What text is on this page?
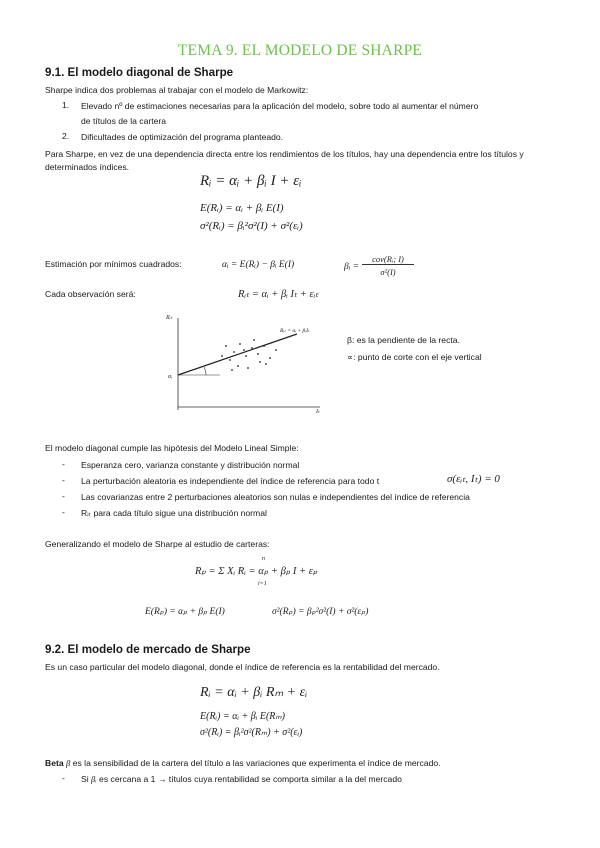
TEMA 9. EL MODELO DE SHARPE
9.1. El modelo diagonal de Sharpe
Sharpe indica dos problemas al trabajar con el modelo de Markowitz:
1. Elevado nº de estimaciones necesarias para la aplicación del modelo, sobre todo al aumentar el número
de títulos de la cartera
2. Dificultades de optimización del programa planteado.
Para Sharpe, en vez de una dependencia directa entre los rendimientos de los títulos, hay una dependencia entre los títulos y determinados índices.
Rᵢ = αᵢ + βᵢ I + εᵢ
E(Rᵢ) = αᵢ + βᵢ E(I)
σ²(Rᵢ) = βᵢ²σ²(I) + σ²(εᵢ)
Estimación por mínimos cuadrados:	αᵢ = E(Rᵢ) − βᵢ E(I)	βᵢ =
cov(Rᵢ; I)
σ²(I)
Cada observación será:	Rᵢₜ = αᵢ + βᵢ Iₜ + εᵢₜ
Rᵢₜ
αᵢ
Iₜ
Rᵢₜ = αᵢ + βᵢIₜ
β: es la pendiente de la recta.
∝: punto de corte con el eje vertical
El modelo diagonal cumple las hipótesis del Modelo Lineal Simple:
- Esperanza cero, varianza constante y distribución normal
- La perturbación aleatoria es independiente del índice de referencia para todo t	σ(εᵢₜ, Iₜ) = 0
- Las covarianzas entre 2 perturbaciones aleatorios son nulas e independientes del índice de referencia
- Rᵢₜ para cada título sigue una distribución normal
Generalizando el modelo de Sharpe al estudio de carteras:
n
Rₚ = Σ Xᵢ Rᵢ = αₚ + βₚ I + εₚ
i=1
E(Rₚ) = αₚ + βₚ E(I)	σ²(Rₚ) = βₚ²σ²(I) + σ²(εₚ)
9.2. El modelo de mercado de Sharpe
Es un caso particular del modelo diagonal, donde el índice de referencia es la rentabilidad del mercado.
Rᵢ = αᵢ + βᵢ Rₘ + εᵢ
E(Rᵢ) = αᵢ + βᵢ E(Rₘ)
σ²(Rᵢ) = βᵢ²σ²(Rₘ) + σ²(εᵢ)
Beta β es la sensibilidad de la cartera del título a las variaciones que experimenta el índice de mercado.
- Si βᵢ es cercana a 1 → títulos cuya rentabilidad se comporta similar a la del mercado
